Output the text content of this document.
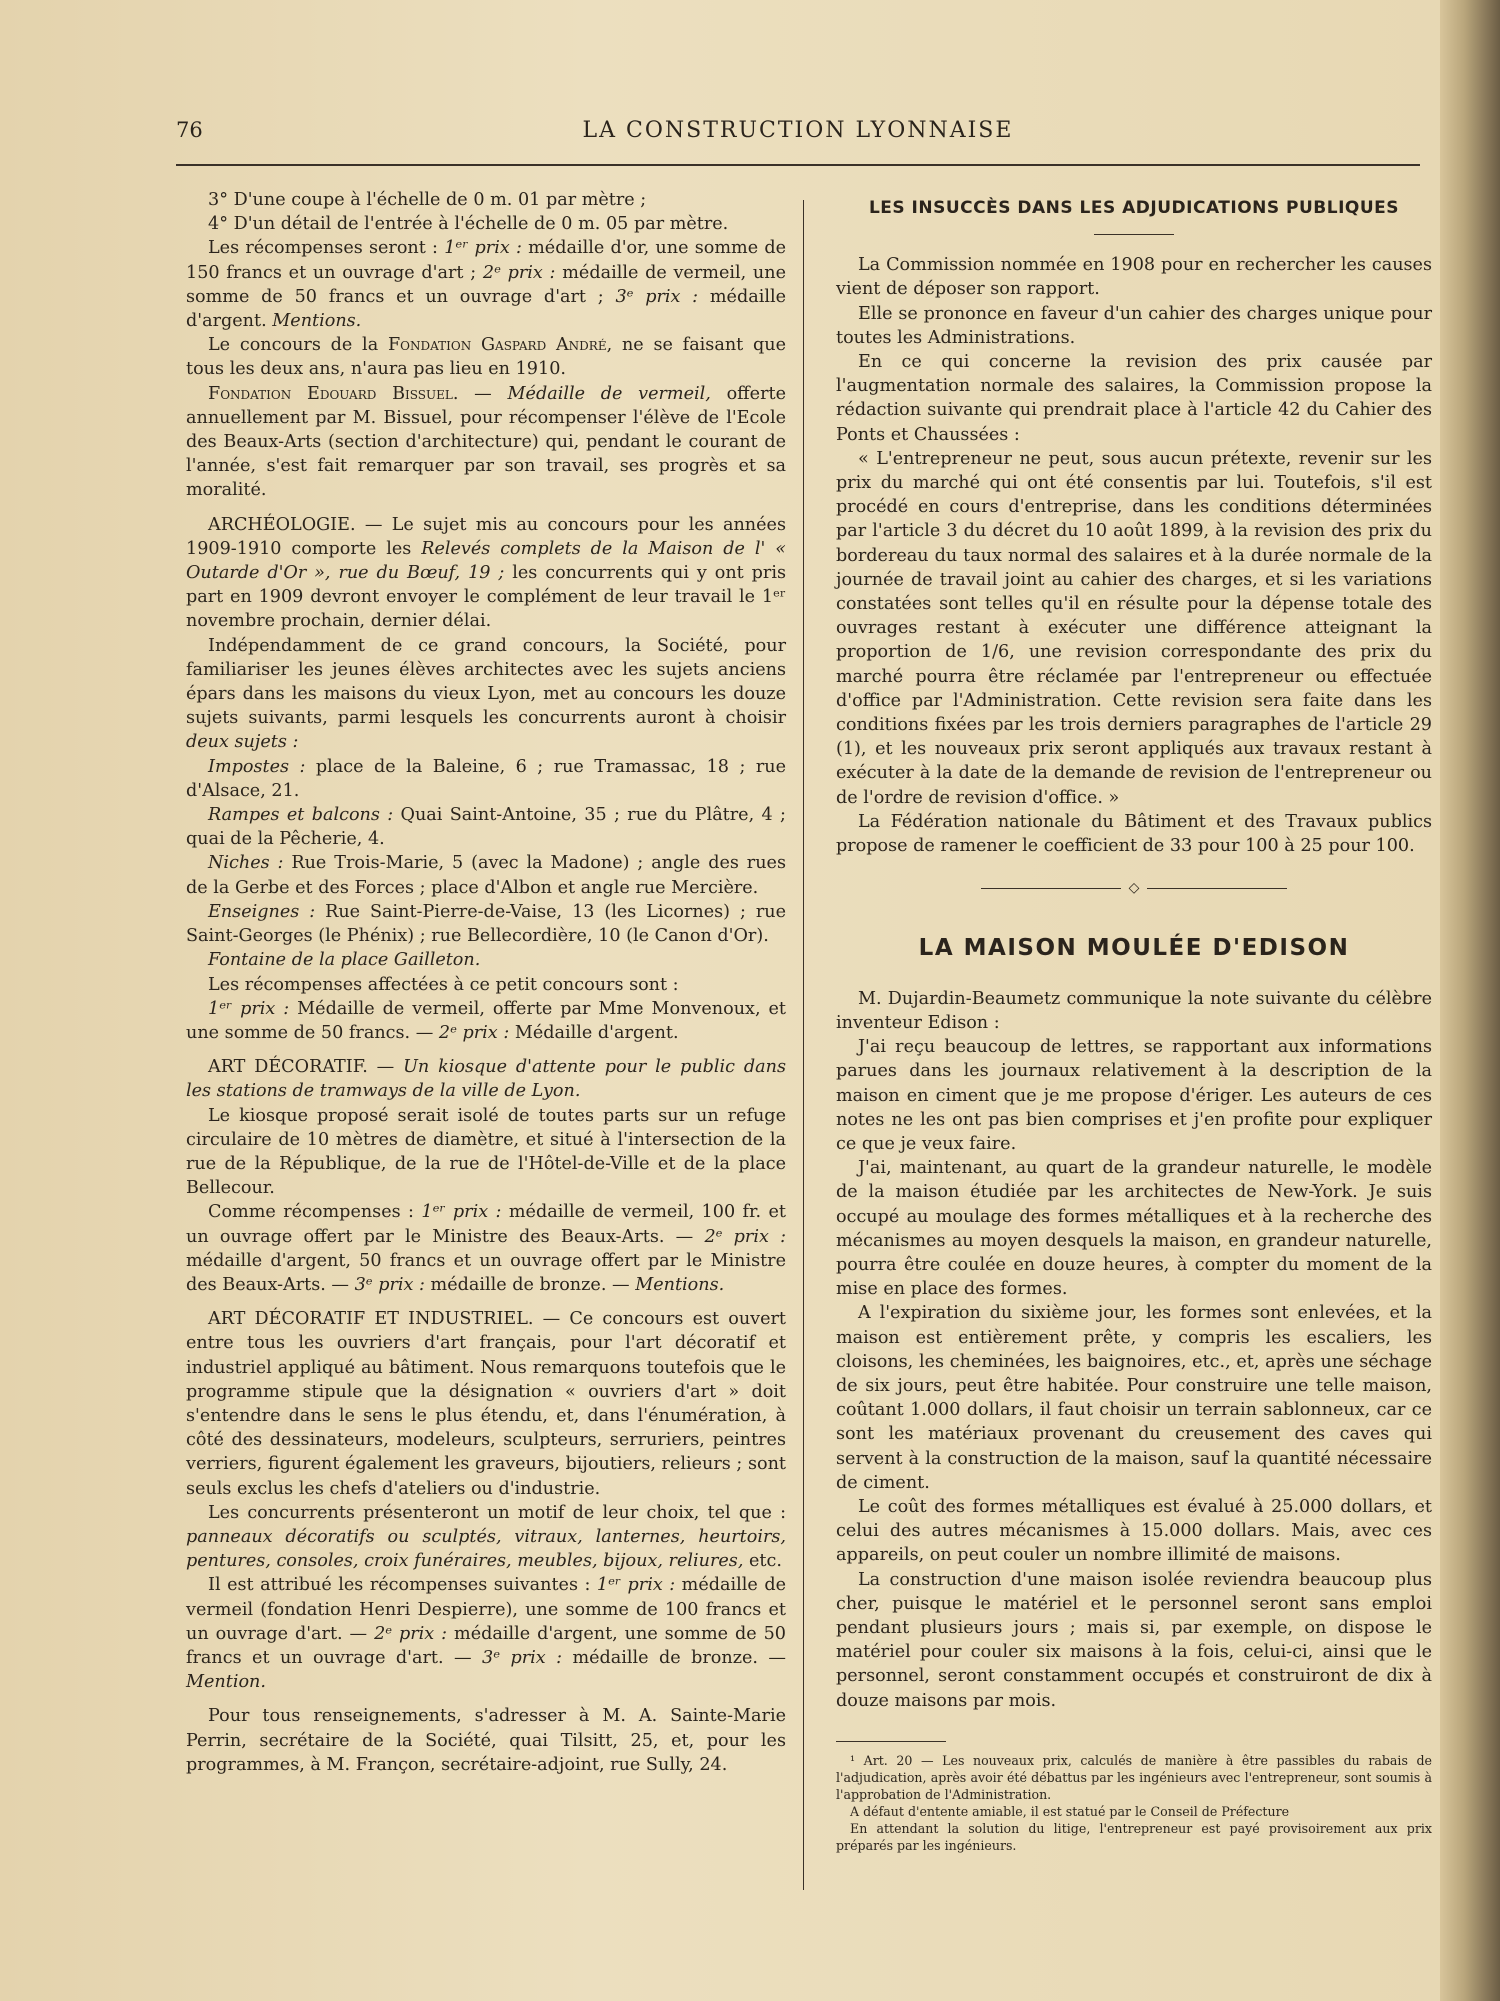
76	LA CONSTRUCTION LYONNAISE

3° D'une coupe à l'échelle de 0 m. 01 par mètre ;

4° D'un détail de l'entrée à l'échelle de 0 m. 05 par mètre.

Les récompenses seront : 1ᵉʳ prix : médaille d'or, une somme de 150 francs et un ouvrage d'art ; 2ᵉ prix : médaille de vermeil, une somme de 50 francs et un ouvrage d'art ; 3ᵉ prix : médaille d'argent. Mentions.

Le concours de la Fondation Gaspard André, ne se faisant que tous les deux ans, n'aura pas lieu en 1910.

Fondation Edouard Bissuel. — Médaille de vermeil, offerte annuellement par M. Bissuel, pour récompenser l'élève de l'Ecole des Beaux-Arts (section d'architecture) qui, pendant le courant de l'année, s'est fait remarquer par son travail, ses progrès et sa moralité.

ARCHÉOLOGIE. — Le sujet mis au concours pour les années 1909-1910 comporte les Relevés complets de la Maison de l' « Outarde d'Or », rue du Bœuf, 19 ; les concurrents qui y ont pris part en 1909 devront envoyer le complément de leur travail le 1ᵉʳ novembre prochain, dernier délai.

Indépendamment de ce grand concours, la Société, pour familiariser les jeunes élèves architectes avec les sujets anciens épars dans les maisons du vieux Lyon, met au concours les douze sujets suivants, parmi lesquels les concurrents auront à choisir deux sujets :

Impostes : place de la Baleine, 6 ; rue Tramassac, 18 ; rue d'Alsace, 21.

Rampes et balcons : Quai Saint-Antoine, 35 ; rue du Plâtre, 4 ; quai de la Pêcherie, 4.

Niches : Rue Trois-Marie, 5 (avec la Madone) ; angle des rues de la Gerbe et des Forces ; place d'Albon et angle rue Mercière.

Enseignes : Rue Saint-Pierre-de-Vaise, 13 (les Licornes) ; rue Saint-Georges (le Phénix) ; rue Bellecordière, 10 (le Canon d'Or).

Fontaine de la place Gailleton.

Les récompenses affectées à ce petit concours sont :

1ᵉʳ prix : Médaille de vermeil, offerte par Mme Monvenoux, et une somme de 50 francs. — 2ᵉ prix : Médaille d'argent.

ART DÉCORATIF. — Un kiosque d'attente pour le public dans les stations de tramways de la ville de Lyon.

Le kiosque proposé serait isolé de toutes parts sur un refuge circulaire de 10 mètres de diamètre, et situé à l'intersection de la rue de la République, de la rue de l'Hôtel-de-Ville et de la place Bellecour.

Comme récompenses : 1ᵉʳ prix : médaille de vermeil, 100 fr. et un ouvrage offert par le Ministre des Beaux-Arts. — 2ᵉ prix : médaille d'argent, 50 francs et un ouvrage offert par le Ministre des Beaux-Arts. — 3ᵉ prix : médaille de bronze. — Mentions.

ART DÉCORATIF ET INDUSTRIEL. — Ce concours est ouvert entre tous les ouvriers d'art français, pour l'art décoratif et industriel appliqué au bâtiment. Nous remarquons toutefois que le programme stipule que la désignation « ouvriers d'art » doit s'entendre dans le sens le plus étendu, et, dans l'énumération, à côté des dessinateurs, modeleurs, sculpteurs, serruriers, peintres verriers, figurent également les graveurs, bijoutiers, relieurs ; sont seuls exclus les chefs d'ateliers ou d'industrie.

Les concurrents présenteront un motif de leur choix, tel que : panneaux décoratifs ou sculptés, vitraux, lanternes, heurtoirs, pentures, consoles, croix funéraires, meubles, bijoux, reliures, etc.

Il est attribué les récompenses suivantes : 1ᵉʳ prix : médaille de vermeil (fondation Henri Despierre), une somme de 100 francs et un ouvrage d'art. — 2ᵉ prix : médaille d'argent, une somme de 50 francs et un ouvrage d'art. — 3ᵉ prix : médaille de bronze. — Mention.

Pour tous renseignements, s'adresser à M. A. Sainte-Marie Perrin, secrétaire de la Société, quai Tilsitt, 25, et, pour les programmes, à M. Françon, secrétaire-adjoint, rue Sully, 24.

LES INSUCCÈS DANS LES ADJUDICATIONS PUBLIQUES

La Commission nommée en 1908 pour en rechercher les causes vient de déposer son rapport.

Elle se prononce en faveur d'un cahier des charges unique pour toutes les Administrations.

En ce qui concerne la revision des prix causée par l'augmentation normale des salaires, la Commission propose la rédaction suivante qui prendrait place à l'article 42 du Cahier des Ponts et Chaussées :

« L'entrepreneur ne peut, sous aucun prétexte, revenir sur les prix du marché qui ont été consentis par lui. Toutefois, s'il est procédé en cours d'entreprise, dans les conditions déterminées par l'article 3 du décret du 10 août 1899, à la revision des prix du bordereau du taux normal des salaires et à la durée normale de la journée de travail joint au cahier des charges, et si les variations constatées sont telles qu'il en résulte pour la dépense totale des ouvrages restant à exécuter une différence atteignant la proportion de 1/6, une revision correspondante des prix du marché pourra être réclamée par l'entrepreneur ou effectuée d'office par l'Administration. Cette revision sera faite dans les conditions fixées par les trois derniers paragraphes de l'article 29 (1), et les nouveaux prix seront appliqués aux travaux restant à exécuter à la date de la demande de revision de l'entrepreneur ou de l'ordre de revision d'office. »

La Fédération nationale du Bâtiment et des Travaux publics propose de ramener le coefficient de 33 pour 100 à 25 pour 100.

◇
LA MAISON MOULÉE D'EDISON

M. Dujardin-Beaumetz communique la note suivante du célèbre inventeur Edison :

J'ai reçu beaucoup de lettres, se rapportant aux informations parues dans les journaux relativement à la description de la maison en ciment que je me propose d'ériger. Les auteurs de ces notes ne les ont pas bien comprises et j'en profite pour expliquer ce que je veux faire.

J'ai, maintenant, au quart de la grandeur naturelle, le modèle de la maison étudiée par les architectes de New-York. Je suis occupé au moulage des formes métalliques et à la recherche des mécanismes au moyen desquels la maison, en grandeur naturelle, pourra être coulée en douze heures, à compter du moment de la mise en place des formes.

A l'expiration du sixième jour, les formes sont enlevées, et la maison est entièrement prête, y compris les escaliers, les cloisons, les cheminées, les baignoires, etc., et, après une séchage de six jours, peut être habitée. Pour construire une telle maison, coûtant 1.000 dollars, il faut choisir un terrain sablonneux, car ce sont les matériaux provenant du creusement des caves qui servent à la construction de la maison, sauf la quantité nécessaire de ciment.

Le coût des formes métalliques est évalué à 25.000 dollars, et celui des autres mécanismes à 15.000 dollars. Mais, avec ces appareils, on peut couler un nombre illimité de maisons.

La construction d'une maison isolée reviendra beaucoup plus cher, puisque le matériel et le personnel seront sans emploi pendant plusieurs jours ; mais si, par exemple, on dispose le matériel pour couler six maisons à la fois, celui-ci, ainsi que le personnel, seront constamment occupés et construiront de dix à douze maisons par mois.

¹ Art. 20 — Les nouveaux prix, calculés de manière à être passibles du rabais de l'adjudication, après avoir été débattus par les ingénieurs avec l'entrepreneur, sont soumis à l'approbation de l'Administration.

A défaut d'entente amiable, il est statué par le Conseil de Préfecture

En attendant la solution du litige, l'entrepreneur est payé provisoirement aux prix préparés par les ingénieurs.
